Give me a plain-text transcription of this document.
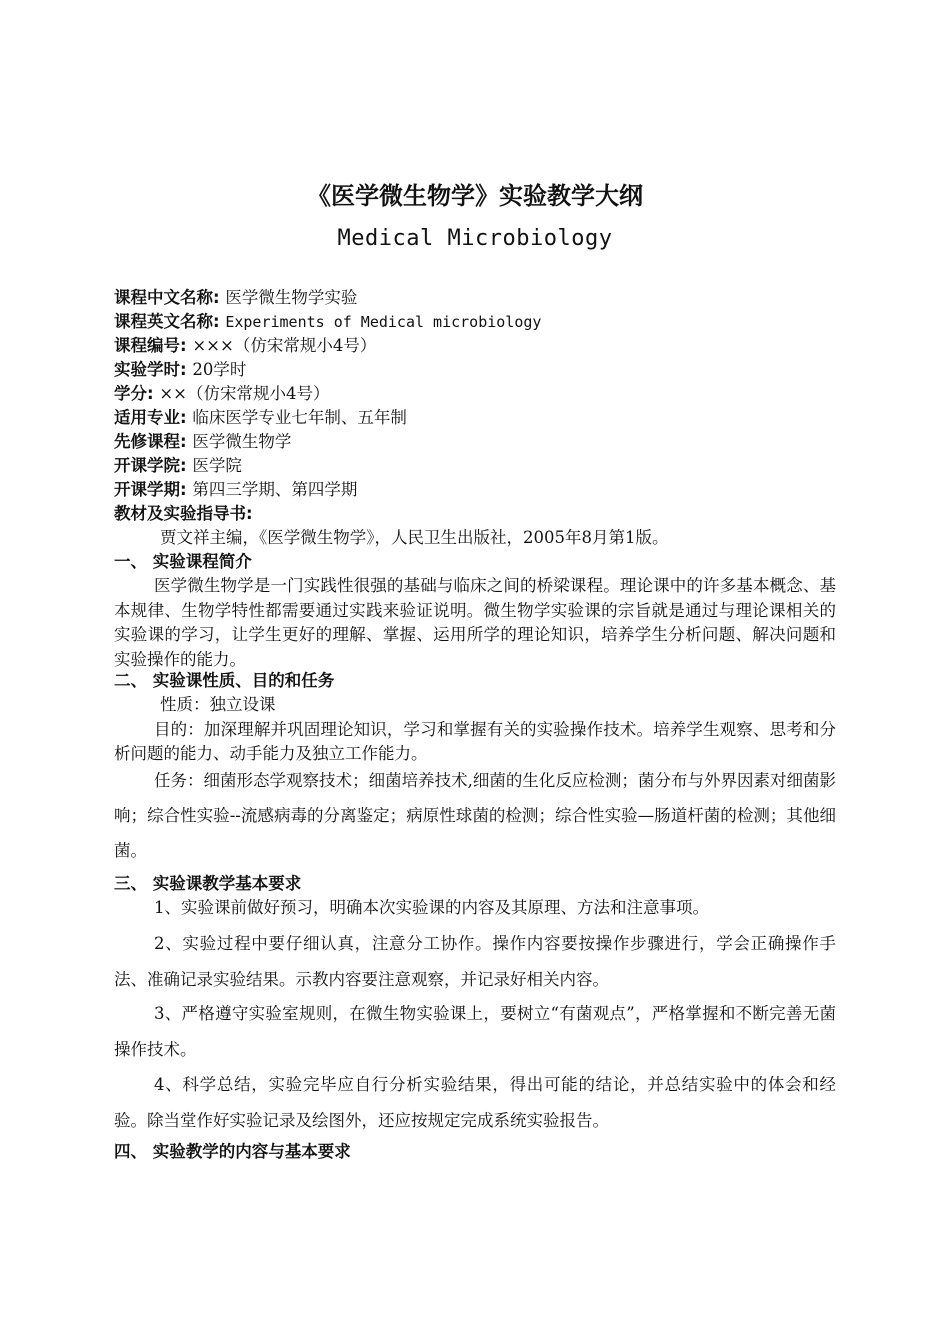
《医学微生物学》实验教学大纲
Medical Microbiology
课程中文名称: 医学微生物学实验
课程英文名称: Experiments of Medical microbiology
课程编号: ×××（仿宋常规小4号）
实验学时: 20学时
学分: ××（仿宋常规小4号）
适用专业: 临床医学专业七年制、五年制
先修课程: 医学微生物学
开课学院: 医学院
开课学期: 第四三学期、第四学期
教材及实验指导书:
贾文祥主编，《医学微生物学》，人民卫生出版社，2005年8月第1版。
一、 实验课程简介
医学微生物学是一门实践性很强的基础与临床之间的桥梁课程。理论课中的许多基本概念、基本规律、生物学特性都需要通过实践来验证说明。微生物学实验课的宗旨就是通过与理论课相关的实验课的学习，让学生更好的理解、掌握、运用所学的理论知识，培养学生分析问题、解决问题和实验操作的能力。
二、 实验课性质、目的和任务
性质：独立设课
目的：加深理解并巩固理论知识，学习和掌握有关的实验操作技术。培养学生观察、思考和分析问题的能力、动手能力及独立工作能力。
任务：细菌形态学观察技术；细菌培养技术,细菌的生化反应检测；菌分布与外界因素对细菌影响；综合性实验--流感病毒的分离鉴定；病原性球菌的检测；综合性实验—肠道杆菌的检测；其他细菌。
三、 实验课教学基本要求
1、实验课前做好预习，明确本次实验课的内容及其原理、方法和注意事项。
2、实验过程中要仔细认真，注意分工协作。操作内容要按操作步骤进行，学会正确操作手法、准确记录实验结果。示教内容要注意观察，并记录好相关内容。
3、严格遵守实验室规则，在微生物实验课上，要树立“有菌观点”，严格掌握和不断完善无菌操作技术。
4、科学总结，实验完毕应自行分析实验结果，得出可能的结论，并总结实验中的体会和经验。除当堂作好实验记录及绘图外，还应按规定完成系统实验报告。
四、 实验教学的内容与基本要求
